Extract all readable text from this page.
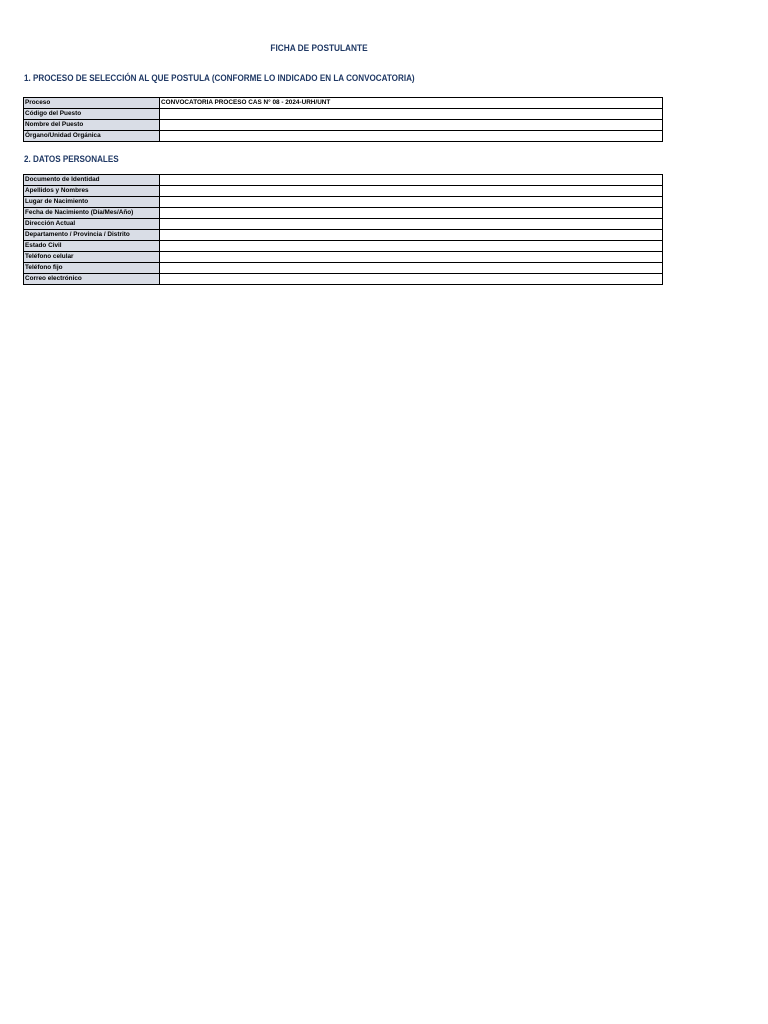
FICHA DE POSTULANTE
1. PROCESO DE SELECCIÓN AL QUE POSTULA (CONFORME LO INDICADO EN LA CONVOCATORIA)
Proceso	CONVOCATORIA PROCESO CAS N° 08 - 2024-URH/UNT
Código del Puesto	
Nombre del Puesto	
Órgano/Unidad Orgánica	
2. DATOS PERSONALES
Documento de Identidad	
Apellidos y Nombres	
Lugar de Nacimiento	
Fecha de Nacimiento (Día/Mes/Año)	
Dirección Actual	
Departamento / Provincia / Distrito	
Estado Civil	
Teléfono celular	
Teléfono fijo	
Correo electrónico	
